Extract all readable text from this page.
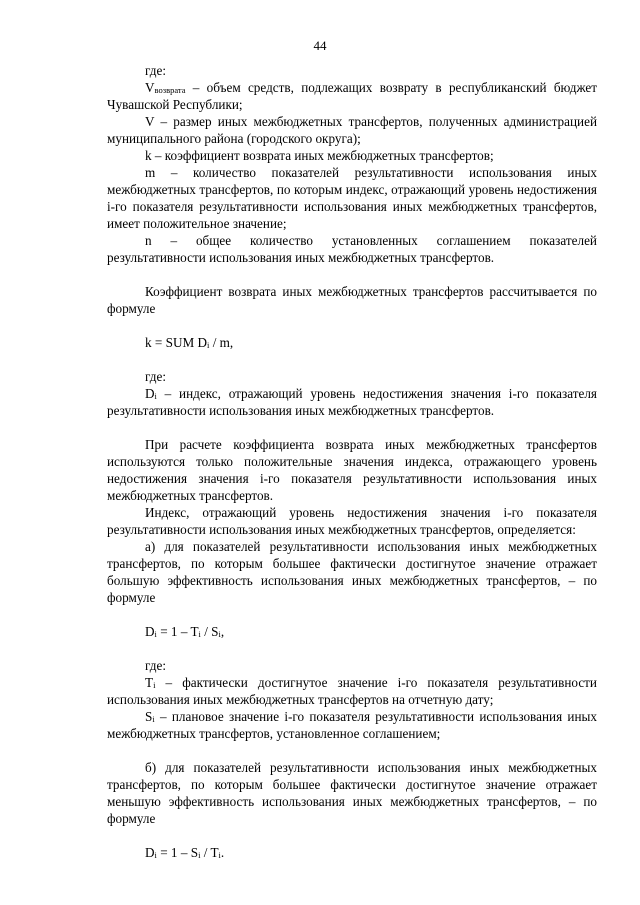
44

где:

$V_{возврата}$ – объем средств, подлежащих возврату в республиканский бюджет Чувашской Республики;

V – размер иных межбюджетных трансфертов, полученных администрацией муниципального района (городского округа);

k – коэффициент возврата иных межбюджетных трансфертов;

m – количество показателей результативности использования иных межбюджетных трансфертов, по которым индекс, отражающий уровень недостижения i-го показателя результативности использования иных межбюджетных трансфертов, имеет положительное значение;

n – общее количество установленных соглашением показателей результативности использования иных межбюджетных трансфертов.

Коэффициент возврата иных межбюджетных трансфертов рассчитывается по формуле

k = SUM $D_i$ / m,

где:

$D_i$ – индекс, отражающий уровень недостижения значения i-го показателя результативности использования иных межбюджетных трансфертов.

При расчете коэффициента возврата иных межбюджетных трансфертов используются только положительные значения индекса, отражающего уровень недостижения значения i-го показателя результативности использования иных межбюджетных трансфертов.

Индекс, отражающий уровень недостижения значения i-го показателя результативности использования иных межбюджетных трансфертов, определяется:

а) для показателей результативности использования иных межбюджетных трансфертов, по которым большее фактически достигнутое значение отражает большую эффективность использования иных межбюджетных трансфертов, – по формуле

$D_i = 1 - T_i / S_i$,

где:

$T_i$ – фактически достигнутое значение i-го показателя результативности использования иных межбюджетных трансфертов на отчетную дату;

$S_i$ – плановое значение i-го показателя результативности использования иных межбюджетных трансфертов, установленное соглашением;

б) для показателей результативности использования иных межбюджетных трансфертов, по которым большее фактически достигнутое значение отражает меньшую эффективность использования иных межбюджетных трансфертов, – по формуле

$D_i = 1 - S_i / T_i$.
